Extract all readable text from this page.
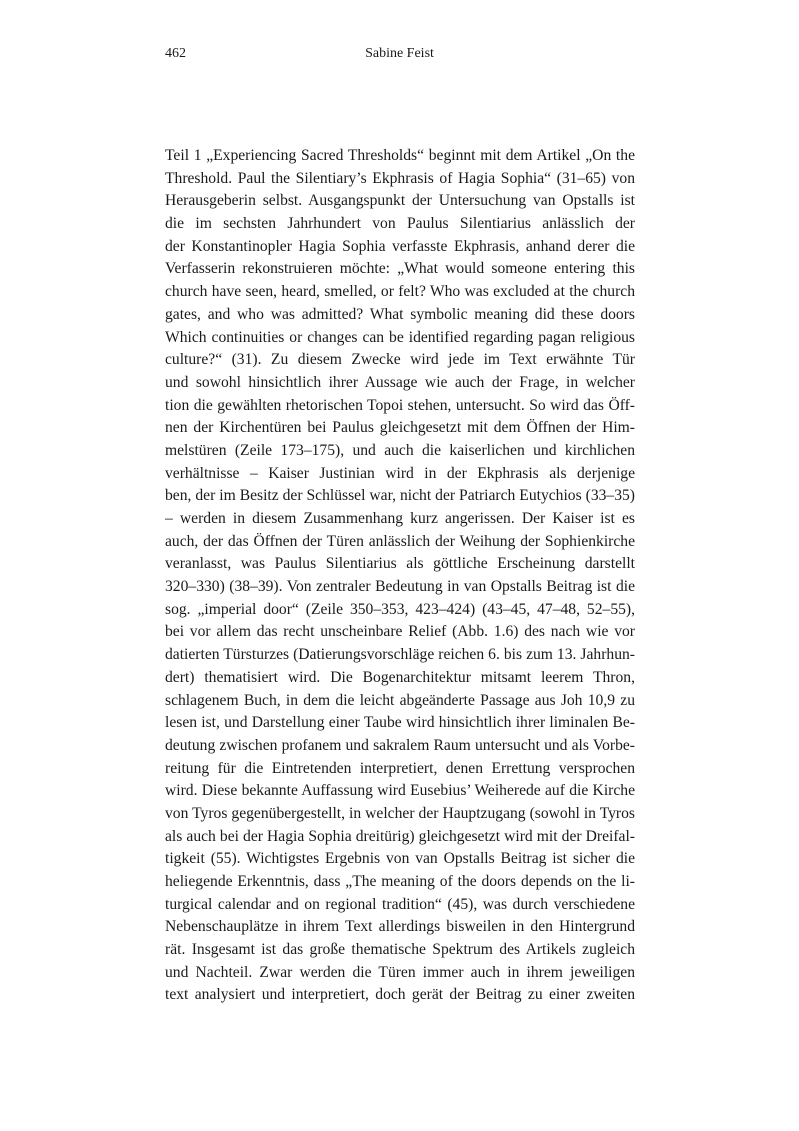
462	Sabine Feist
Teil 1 „Experiencing Sacred Thresholds“ beginnt mit dem Artikel „On the
Threshold. Paul the Silentiary’s Ekphrasis of Hagia Sophia“ (31–65) von
Herausgeberin selbst. Ausgangspunkt der Untersuchung van Opstalls ist
die im sechsten Jahrhundert von Paulus Silentiarius anlässlich der
der Konstantinopler Hagia Sophia verfasste Ekphrasis, anhand derer die
Verfasserin rekonstruieren möchte: „What would someone entering this
church have seen, heard, smelled, or felt? Who was excluded at the church
gates, and who was admitted? What symbolic meaning did these doors
Which continuities or changes can be identified regarding pagan religious
culture?“ (31). Zu diesem Zwecke wird jede im Text erwähnte Tür
und sowohl hinsichtlich ihrer Aussage wie auch der Frage, in welcher
tion die gewählten rhetorischen Topoi stehen, untersucht. So wird das Öff-
nen der Kirchentüren bei Paulus gleichgesetzt mit dem Öffnen der Him-
melstüren (Zeile 173–175), und auch die kaiserlichen und kirchlichen
verhältnisse – Kaiser Justinian wird in der Ekphrasis als derjenige
ben, der im Besitz der Schlüssel war, nicht der Patriarch Eutychios (33–35)
– werden in diesem Zusammenhang kurz angerissen. Der Kaiser ist es
auch, der das Öffnen der Türen anlässlich der Weihung der Sophienkirche
veranlasst, was Paulus Silentiarius als göttliche Erscheinung darstellt
320–330) (38–39). Von zentraler Bedeutung in van Opstalls Beitrag ist die
sog. „imperial door“ (Zeile 350–353, 423–424) (43–45, 47–48, 52–55),
bei vor allem das recht unscheinbare Relief (Abb. 1.6) des nach wie vor
datierten Türsturzes (Datierungsvorschläge reichen 6. bis zum 13. Jahrhun-
dert) thematisiert wird. Die Bogenarchitektur mitsamt leerem Thron,
schlagenem Buch, in dem die leicht abgeänderte Passage aus Joh 10,9 zu
lesen ist, und Darstellung einer Taube wird hinsichtlich ihrer liminalen Be-
deutung zwischen profanem und sakralem Raum untersucht und als Vorbe-
reitung für die Eintretenden interpretiert, denen Errettung versprochen
wird. Diese bekannte Auffassung wird Eusebius’ Weiherede auf die Kirche
von Tyros gegenübergestellt, in welcher der Hauptzugang (sowohl in Tyros
als auch bei der Hagia Sophia dreitürig) gleichgesetzt wird mit der Dreifal-
tigkeit (55). Wichtigstes Ergebnis von van Opstalls Beitrag ist sicher die
heliegende Erkenntnis, dass „The meaning of the doors depends on the li-
turgical calendar and on regional tradition“ (45), was durch verschiedene
Nebenschauplätze in ihrem Text allerdings bisweilen in den Hintergrund
rät. Insgesamt ist das große thematische Spektrum des Artikels zugleich
und Nachteil. Zwar werden die Türen immer auch in ihrem jeweiligen
text analysiert und interpretiert, doch gerät der Beitrag zu einer zweiten
